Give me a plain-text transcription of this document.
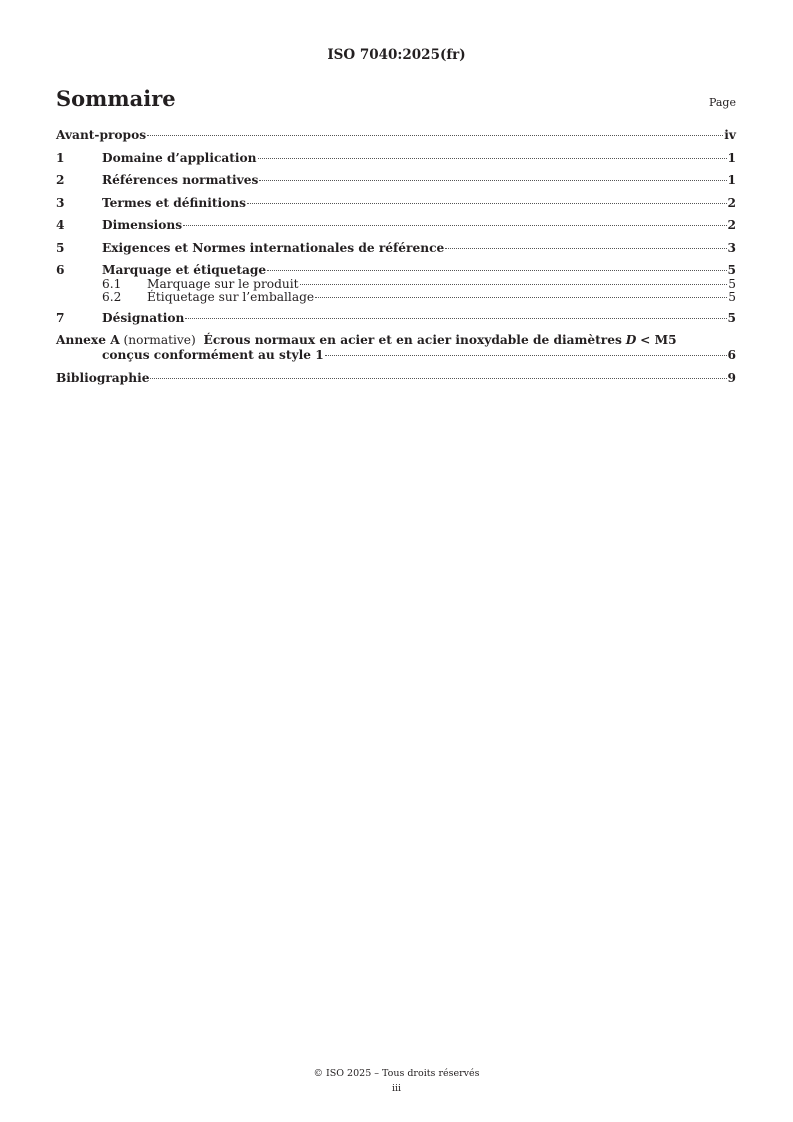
ISO 7040:2025(fr)
Sommaire	Page
Avant-propos	iv
1	Domaine d’application	1
2	Références normatives	1
3	Termes et définitions	2
4	Dimensions	2
5	Exigences et Normes internationales de référence	3
6	Marquage et étiquetage	5
6.1	Marquage sur le produit	5
6.2	Étiquetage sur l’emballage	5
7	Désignation	5
Annexe A (normative) Écrous normaux en acier et en acier inoxydable de diamètres D < M5
conçus conformément au style 1	6
Bibliographie	9
© ISO 2025 – Tous droits réservés
iii
